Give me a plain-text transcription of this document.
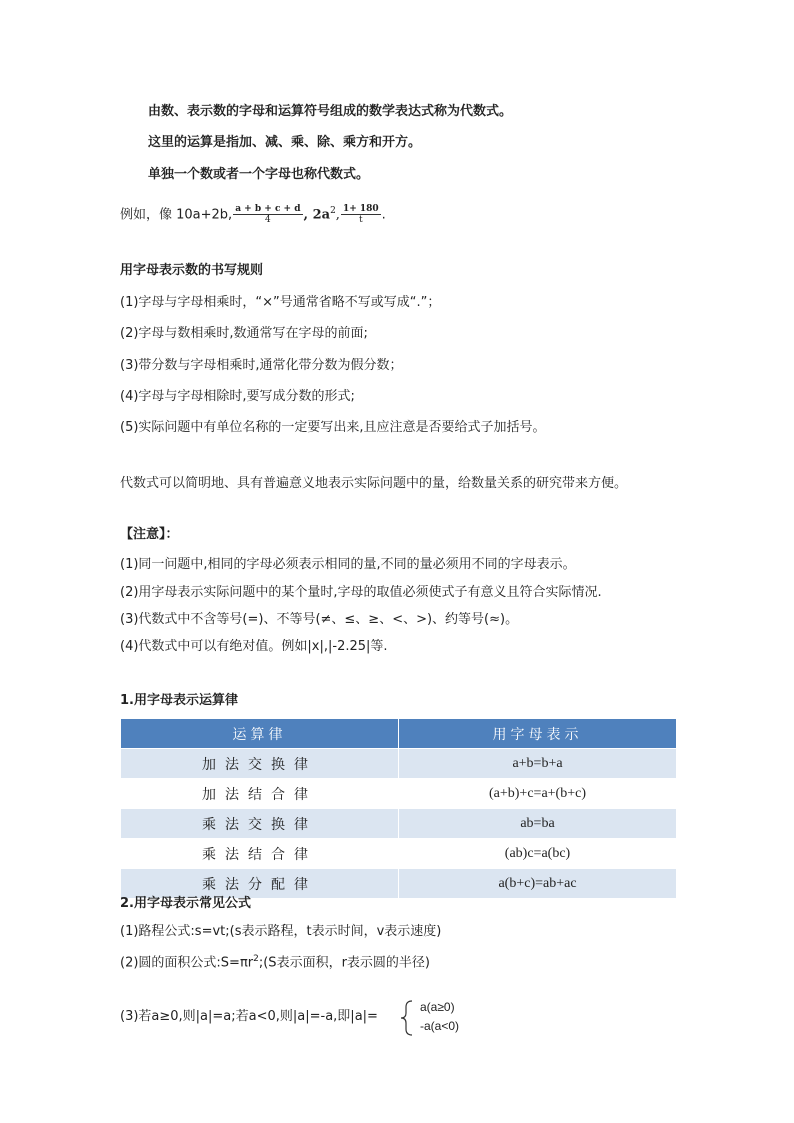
由数、表示数的字母和运算符号组成的数学表达式称为代数式。
这里的运算是指加、减、乘、除、乘方和开方。
单独一个数或者一个字母也称代数式。
例如，像 10a+2b, $\frac{a + b + c + d}{4}$ , $2a^2$, $\frac{1+ 180}{t}$ .
用字母表示数的书写规则
(1)字母与字母相乘时，“×”号通常省略不写或写成“.”；
(2)字母与数相乘时,数通常写在字母的前面;
(3)带分数与字母相乘时,通常化带分数为假分数；
(4)字母与字母相除时,要写成分数的形式;
(5)实际问题中有单位名称的一定要写出来,且应注意是否要给式子加括号。
代数式可以简明地、具有普遍意义地表示实际问题中的量，给数量关系的研究带来方便。
【注意】：
(1)同一问题中,相同的字母必须表示相同的量,不同的量必须用不同的字母表示。
(2)用字母表示实际问题中的某个量时,字母的取值必须使式子有意义且符合实际情况.
(3)代数式中不含等号(=)、不等号(≠、≤、≥、<、>)、约等号(≈)。
(4)代数式中可以有绝对值。例如|x|,|-2.25|等.
1.用字母表示运算律
运算律	用字母表示
加法交换律	a+b=b+a
加法结合律	(a+b)+c=a+(b+c)
乘法交换律	ab=ba
乘法结合律	(ab)c=a(bc)
乘法分配律	a(b+c)=ab+ac
2.用字母表示常见公式
(1)路程公式:s=vt;(s表示路程，t表示时间，v表示速度)
(2)圆的面积公式$:S=\pi r^2;(S$表示面积，r表示圆的半径)
(3)若a≥0,则|a|=a;若a<0,则|a|=-a,即|a|=
a(a≥0)
-a(a<0)
